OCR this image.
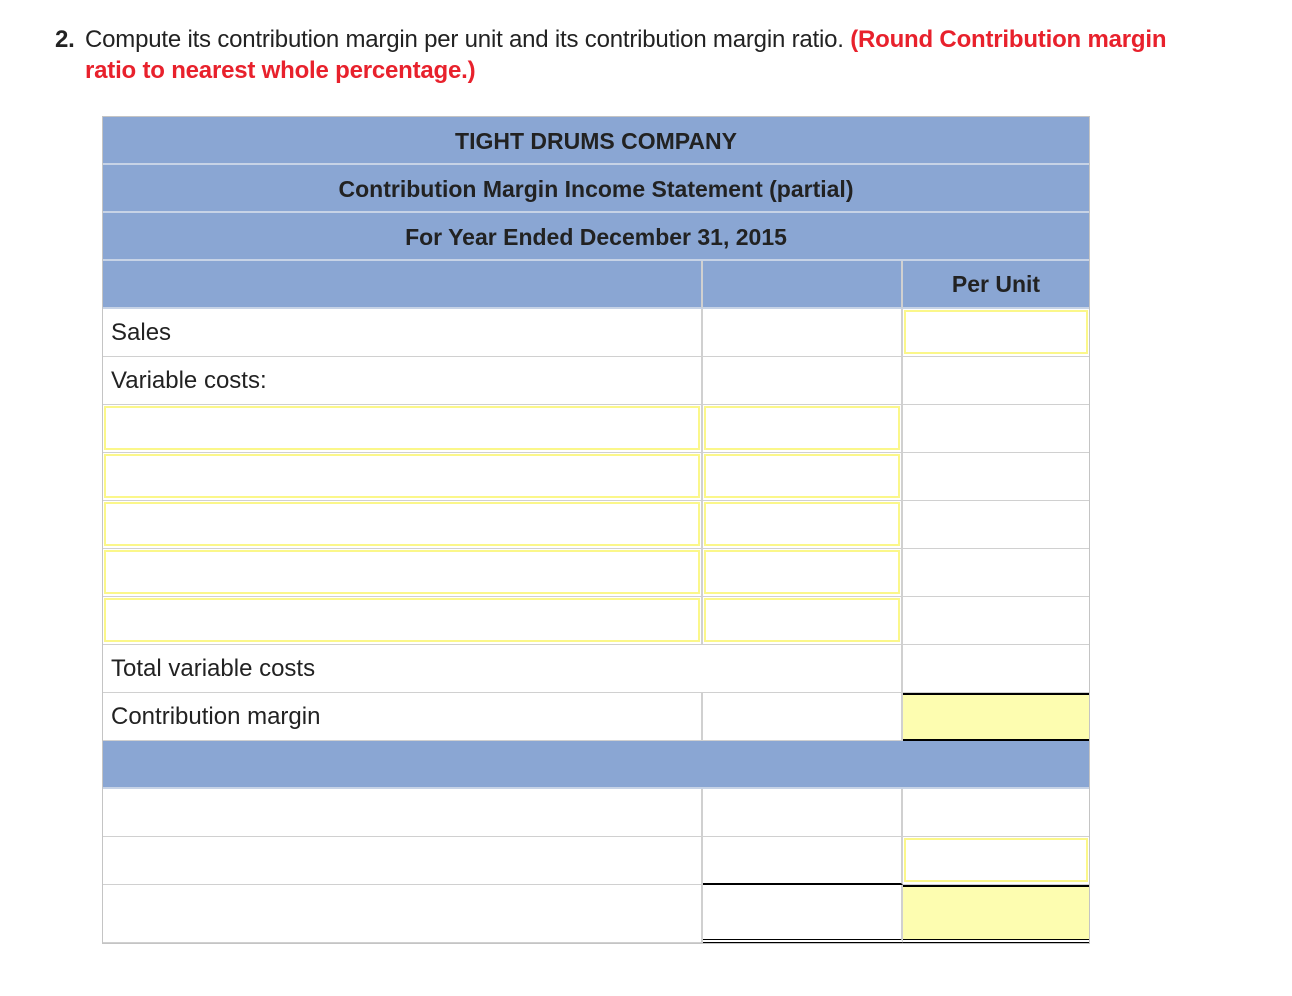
2. Compute its contribution margin per unit and its contribution margin ratio. (Round Contribution margin
ratio to nearest whole percentage.)
TIGHT DRUMS COMPANY
Contribution Margin Income Statement (partial)
For Year Ended December 31, 2015
Per Unit
Sales
Variable costs:
Total variable costs
Contribution margin
